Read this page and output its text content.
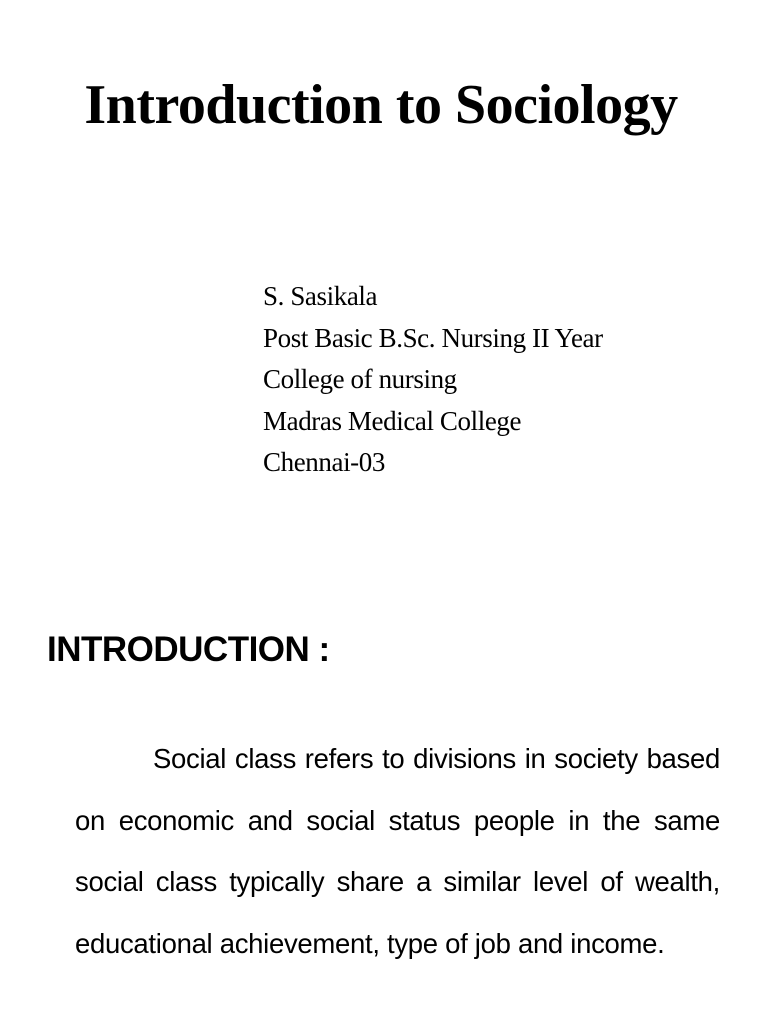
Introduction to Sociology
S. Sasikala
Post Basic B.Sc. Nursing II Year
College of nursing
Madras Medical College
Chennai-03
INTRODUCTION :

Social class refers to divisions in society based on economic and social status people in the same social class typically share a similar level of wealth, educational achievement, type of job and income.
